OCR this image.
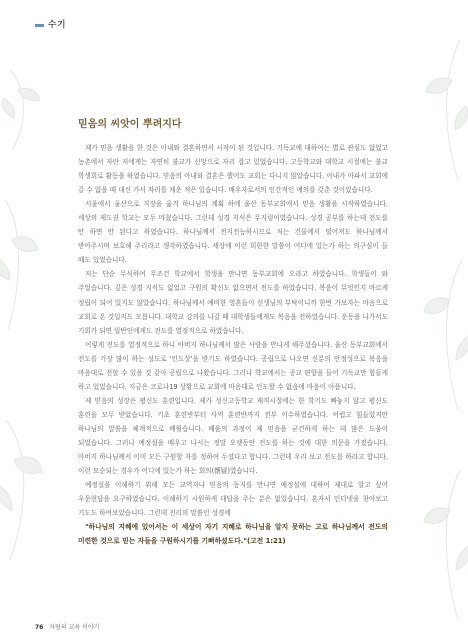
수기
믿음의 씨앗이 뿌려지다

제가 믿음 생활을 한 것은 아내와 결혼하면서 시작이 된 것입니다. 기독교에 대하여는 별로 관심도 없었고 농촌에서 자란 저에게는 자연히 불교가 신앙으로 자리 잡고 있었습니다. 고등학교와 대학교 시절에는 불교 학생회로 활동을 하였습니다. 믿음의 아내와 결혼은 했어도 교회는 다니지 않았습니다. 아내가 아파서 교회에 갈 수 없을 때 대신 가서 자리를 채운 적은 있습니다. 배우자로서의 인간적인 예의를 갖춘 것이었습니다.

서울에서 울산으로 직장을 옮겨 하나님의 계획 하에 울산 동부교회에서 믿음 생활을 시작하였습니다. 세상의 제도권 학교는 모두 마쳤습니다. 그런데 성경 지식은 무지렁이였습니다. 성경 공부를 하는데 전도를 안 하면 안 된다고 하였습니다. 하나님께서 전지전능하시므로 저는 건물에서 떨어져도 하나님께서 받아주시며 보호해 주리라고 생각하였습니다. 세상에 이런 희한한 말씀이 어디에 있는가 하는 의구심이 들 때도 있었습니다.

저는 단순 무식하여 무조건 학교에서 학생을 만나면 동부교회에 오라고 하였습니다. 학생들이 와 주었습니다. 깊은 성경 지식도 없었고 구원의 확신도 없으면서 전도를 하였습니다. 복음이 무엇인지 바르게 정립이 되어 있지도 않았습니다. 하나님께서 예비한 영혼들이 선생님의 부탁이니까 한번 가보자는 마음으로 교회로 온 것일지도 모릅니다. 대학교 강의를 나갈 때 대학생들에게도 복음을 전하였습니다. 운동을 나가서도 기회가 되면 일반인에게도 전도를 열정적으로 하였습니다.

이렇게 전도를 열정적으로 하니 아버지 하나님께서 많은 사람을 만나게 해주셨습니다. 울산 동부교회에서 전도를 가장 많이 하는 성도로 '인도상'을 받기도 하였습니다. 공립으로 나오면 신분의 안정성으로 복음을 마음대로 전할 수 있을 것 같아 공립으로 나왔습니다. 그러나 학교에서는 종교 편향을 들어 기독교만 힘들게 하고 있었습니다. 지금은 코로나19 상황으로 교회에 마음대로 인도할 수 없음에 마음이 아픕니다.

제 믿음의 성장은 평신도 훈련입니다. 제가 성신고등학교 재직시절에는 한 학기도 빠놓지 않고 평신도 훈련을 모두 받았습니다. 기초 훈련반부터 사역 훈련반까지 전부 이수하였습니다. 어렵고 힘들었지만 하나님의 말씀을 체계적으로 배웠습니다. 배움의 과정이 제 믿음을 굳건하게 하는 데 많은 도움이 되었습니다. 그러나 예정설을 배우고 나서는 정말 오랫동안 전도를 하는 것에 대한 의문을 가졌습니다. 아버지 하나님께서 이미 모든 구원할 자를 정하여 두셨다고 합니다. 그런데 우리 보고 전도를 하라고 합니다. 이런 모순되는 경우가 어디에 있는가 하는 회의(懷疑)였습니다.

예정설을 이해하기 위해 모든 교역자나 믿음의 동지를 만나면 예정설에 대하여 제대로 알고 싶어 우문현답을 요구하였습니다. 이해하기 시원하게 대답을 주는 분은 없었습니다. 혼자서 인터넷을 찾아보고 기도도 하여보았습니다. 그런데 진리의 말씀인 성경에

"하나님의 지혜에 있어서는 이 세상이 자기 지혜로 하나님을 알지 못하는 고로 하나님께서 전도의 미련한 것으로 믿는 자들을 구원하시기를 기뻐하셨도다."(고전 1:21)

76 자람의 교육 이야기
